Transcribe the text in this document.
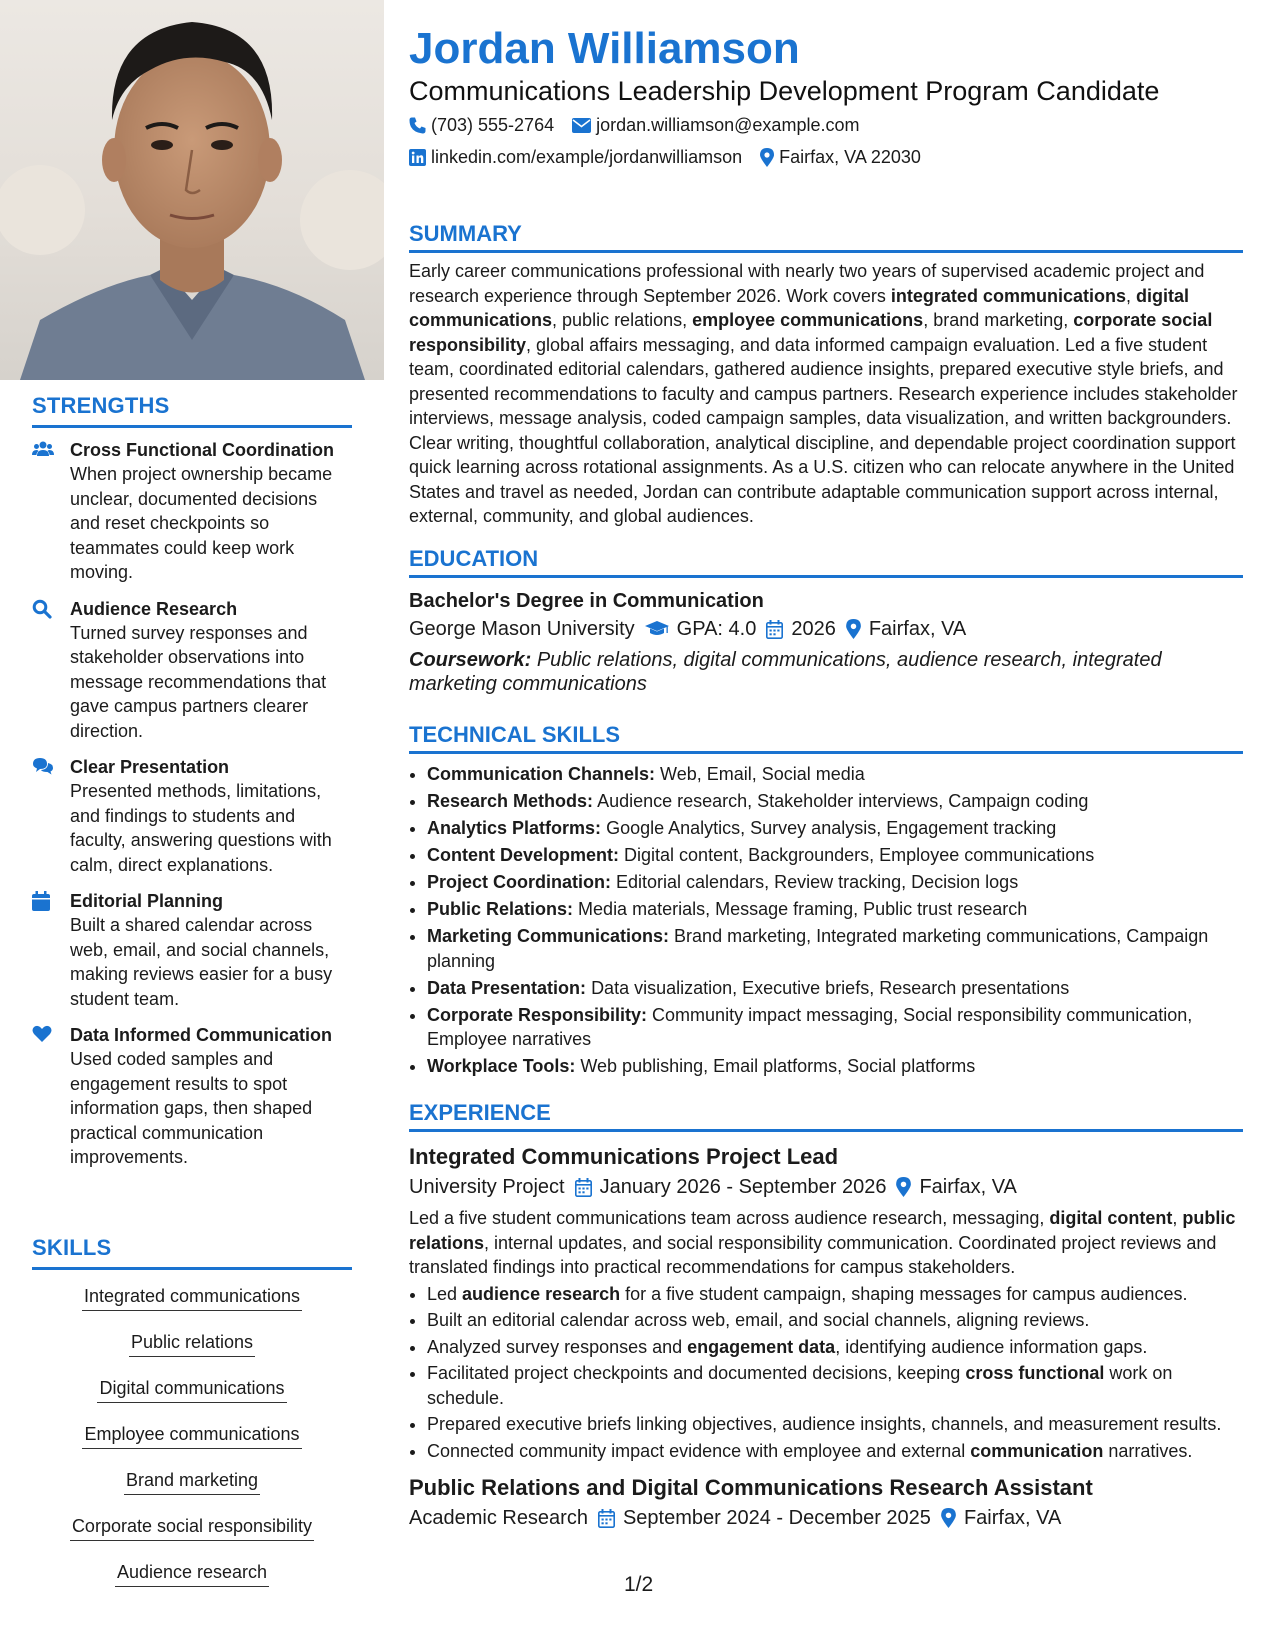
STRENGTHS
Cross Functional Coordination
When project ownership became unclear, documented decisions and reset checkpoints so teammates could keep work moving.
Audience Research
Turned survey responses and stakeholder observations into message recommendations that gave campus partners clearer direction.
Clear Presentation
Presented methods, limitations, and findings to students and faculty, answering questions with calm, direct explanations.
Editorial Planning
Built a shared calendar across web, email, and social channels, making reviews easier for a busy student team.
Data Informed Communication
Used coded samples and engagement results to spot information gaps, then shaped practical communication improvements.
SKILLS
Integrated communications
Public relations
Digital communications
Employee communications
Brand marketing
Corporate social responsibility
Audience research
Jordan Williamson
Communications Leadership Development Program Candidate
(703) 555-2764 jordan.williamson@example.com
linkedin.com/example/jordanwilliamson Fairfax, VA 22030
SUMMARY
Early career communications professional with nearly two years of supervised academic project and research experience through September 2026. Work covers integrated communications, digital communications, public relations, employee communications, brand marketing, corporate social responsibility, global affairs messaging, and data informed campaign evaluation. Led a five student team, coordinated editorial calendars, gathered audience insights, prepared executive style briefs, and presented recommendations to faculty and campus partners. Research experience includes stakeholder interviews, message analysis, coded campaign samples, data visualization, and written backgrounders. Clear writing, thoughtful collaboration, analytical discipline, and dependable project coordination support quick learning across rotational assignments. As a U.S. citizen who can relocate anywhere in the United States and travel as needed, Jordan can contribute adaptable communication support across internal, external, community, and global audiences.
EDUCATION
Bachelor's Degree in Communication
George Mason University GPA: 4.0 2026 Fairfax, VA
Coursework: Public relations, digital communications, audience research, integrated marketing communications
TECHNICAL SKILLS
• Communication Channels: Web, Email, Social media
• Research Methods: Audience research, Stakeholder interviews, Campaign coding
• Analytics Platforms: Google Analytics, Survey analysis, Engagement tracking
• Content Development: Digital content, Backgrounders, Employee communications
• Project Coordination: Editorial calendars, Review tracking, Decision logs
• Public Relations: Media materials, Message framing, Public trust research
• Marketing Communications: Brand marketing, Integrated marketing communications, Campaign planning
• Data Presentation: Data visualization, Executive briefs, Research presentations
• Corporate Responsibility: Community impact messaging, Social responsibility communication, Employee narratives
• Workplace Tools: Web publishing, Email platforms, Social platforms
EXPERIENCE
Integrated Communications Project Lead
University Project January 2026 - September 2026 Fairfax, VA
Led a five student communications team across audience research, messaging, digital content, public relations, internal updates, and social responsibility communication. Coordinated project reviews and translated findings into practical recommendations for campus stakeholders.
• Led audience research for a five student campaign, shaping messages for campus audiences.
• Built an editorial calendar across web, email, and social channels, aligning reviews.
• Analyzed survey responses and engagement data, identifying audience information gaps.
• Facilitated project checkpoints and documented decisions, keeping cross functional work on schedule.
• Prepared executive briefs linking objectives, audience insights, channels, and measurement results.
• Connected community impact evidence with employee and external communication narratives.
Public Relations and Digital Communications Research Assistant
Academic Research September 2024 - December 2025 Fairfax, VA
1/2
